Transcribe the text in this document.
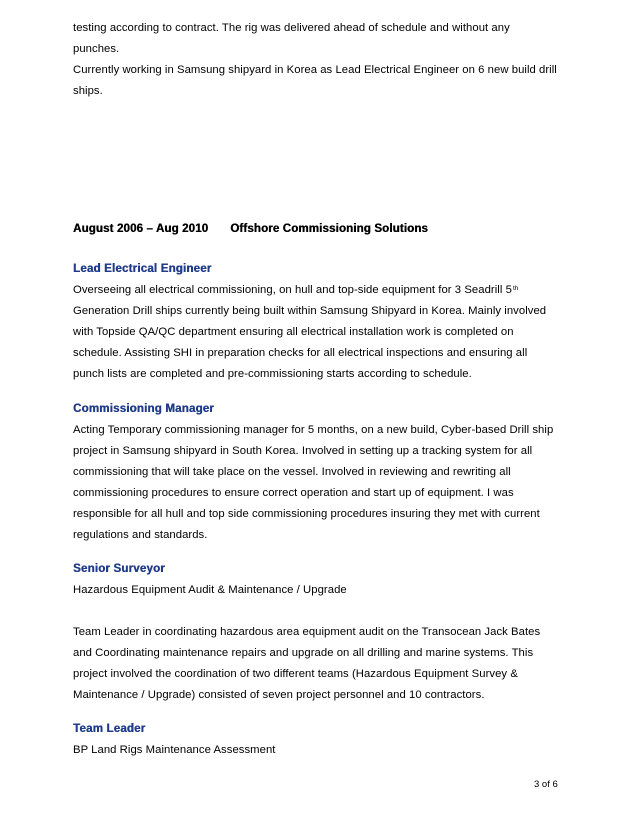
testing according to contract. The rig was delivered ahead of schedule and without any
punches.
Currently working in Samsung shipyard in Korea as Lead Electrical Engineer on 6 new build drill
ships.
August 2006 – Aug 2010 Offshore Commissioning Solutions
Lead Electrical Engineer
Overseeing all electrical commissioning, on hull and top-side equipment for 3 Seadrill 5th
Generation Drill ships currently being built within Samsung Shipyard in Korea. Mainly involved
with Topside QA/QC department ensuring all electrical installation work is completed on
schedule. Assisting SHI in preparation checks for all electrical inspections and ensuring all
punch lists are completed and pre-commissioning starts according to schedule.
Commissioning Manager
Acting Temporary commissioning manager for 5 months, on a new build, Cyber-based Drill ship
project in Samsung shipyard in South Korea. Involved in setting up a tracking system for all
commissioning that will take place on the vessel. Involved in reviewing and rewriting all
commissioning procedures to ensure correct operation and start up of equipment. I was
responsible for all hull and top side commissioning procedures insuring they met with current
regulations and standards.
Senior Surveyor
Hazardous Equipment Audit & Maintenance / Upgrade
Team Leader in coordinating hazardous area equipment audit on the Transocean Jack Bates
and Coordinating maintenance repairs and upgrade on all drilling and marine systems. This
project involved the coordination of two different teams (Hazardous Equipment Survey &
Maintenance / Upgrade) consisted of seven project personnel and 10 contractors.
Team Leader
BP Land Rigs Maintenance Assessment
3 of 6
